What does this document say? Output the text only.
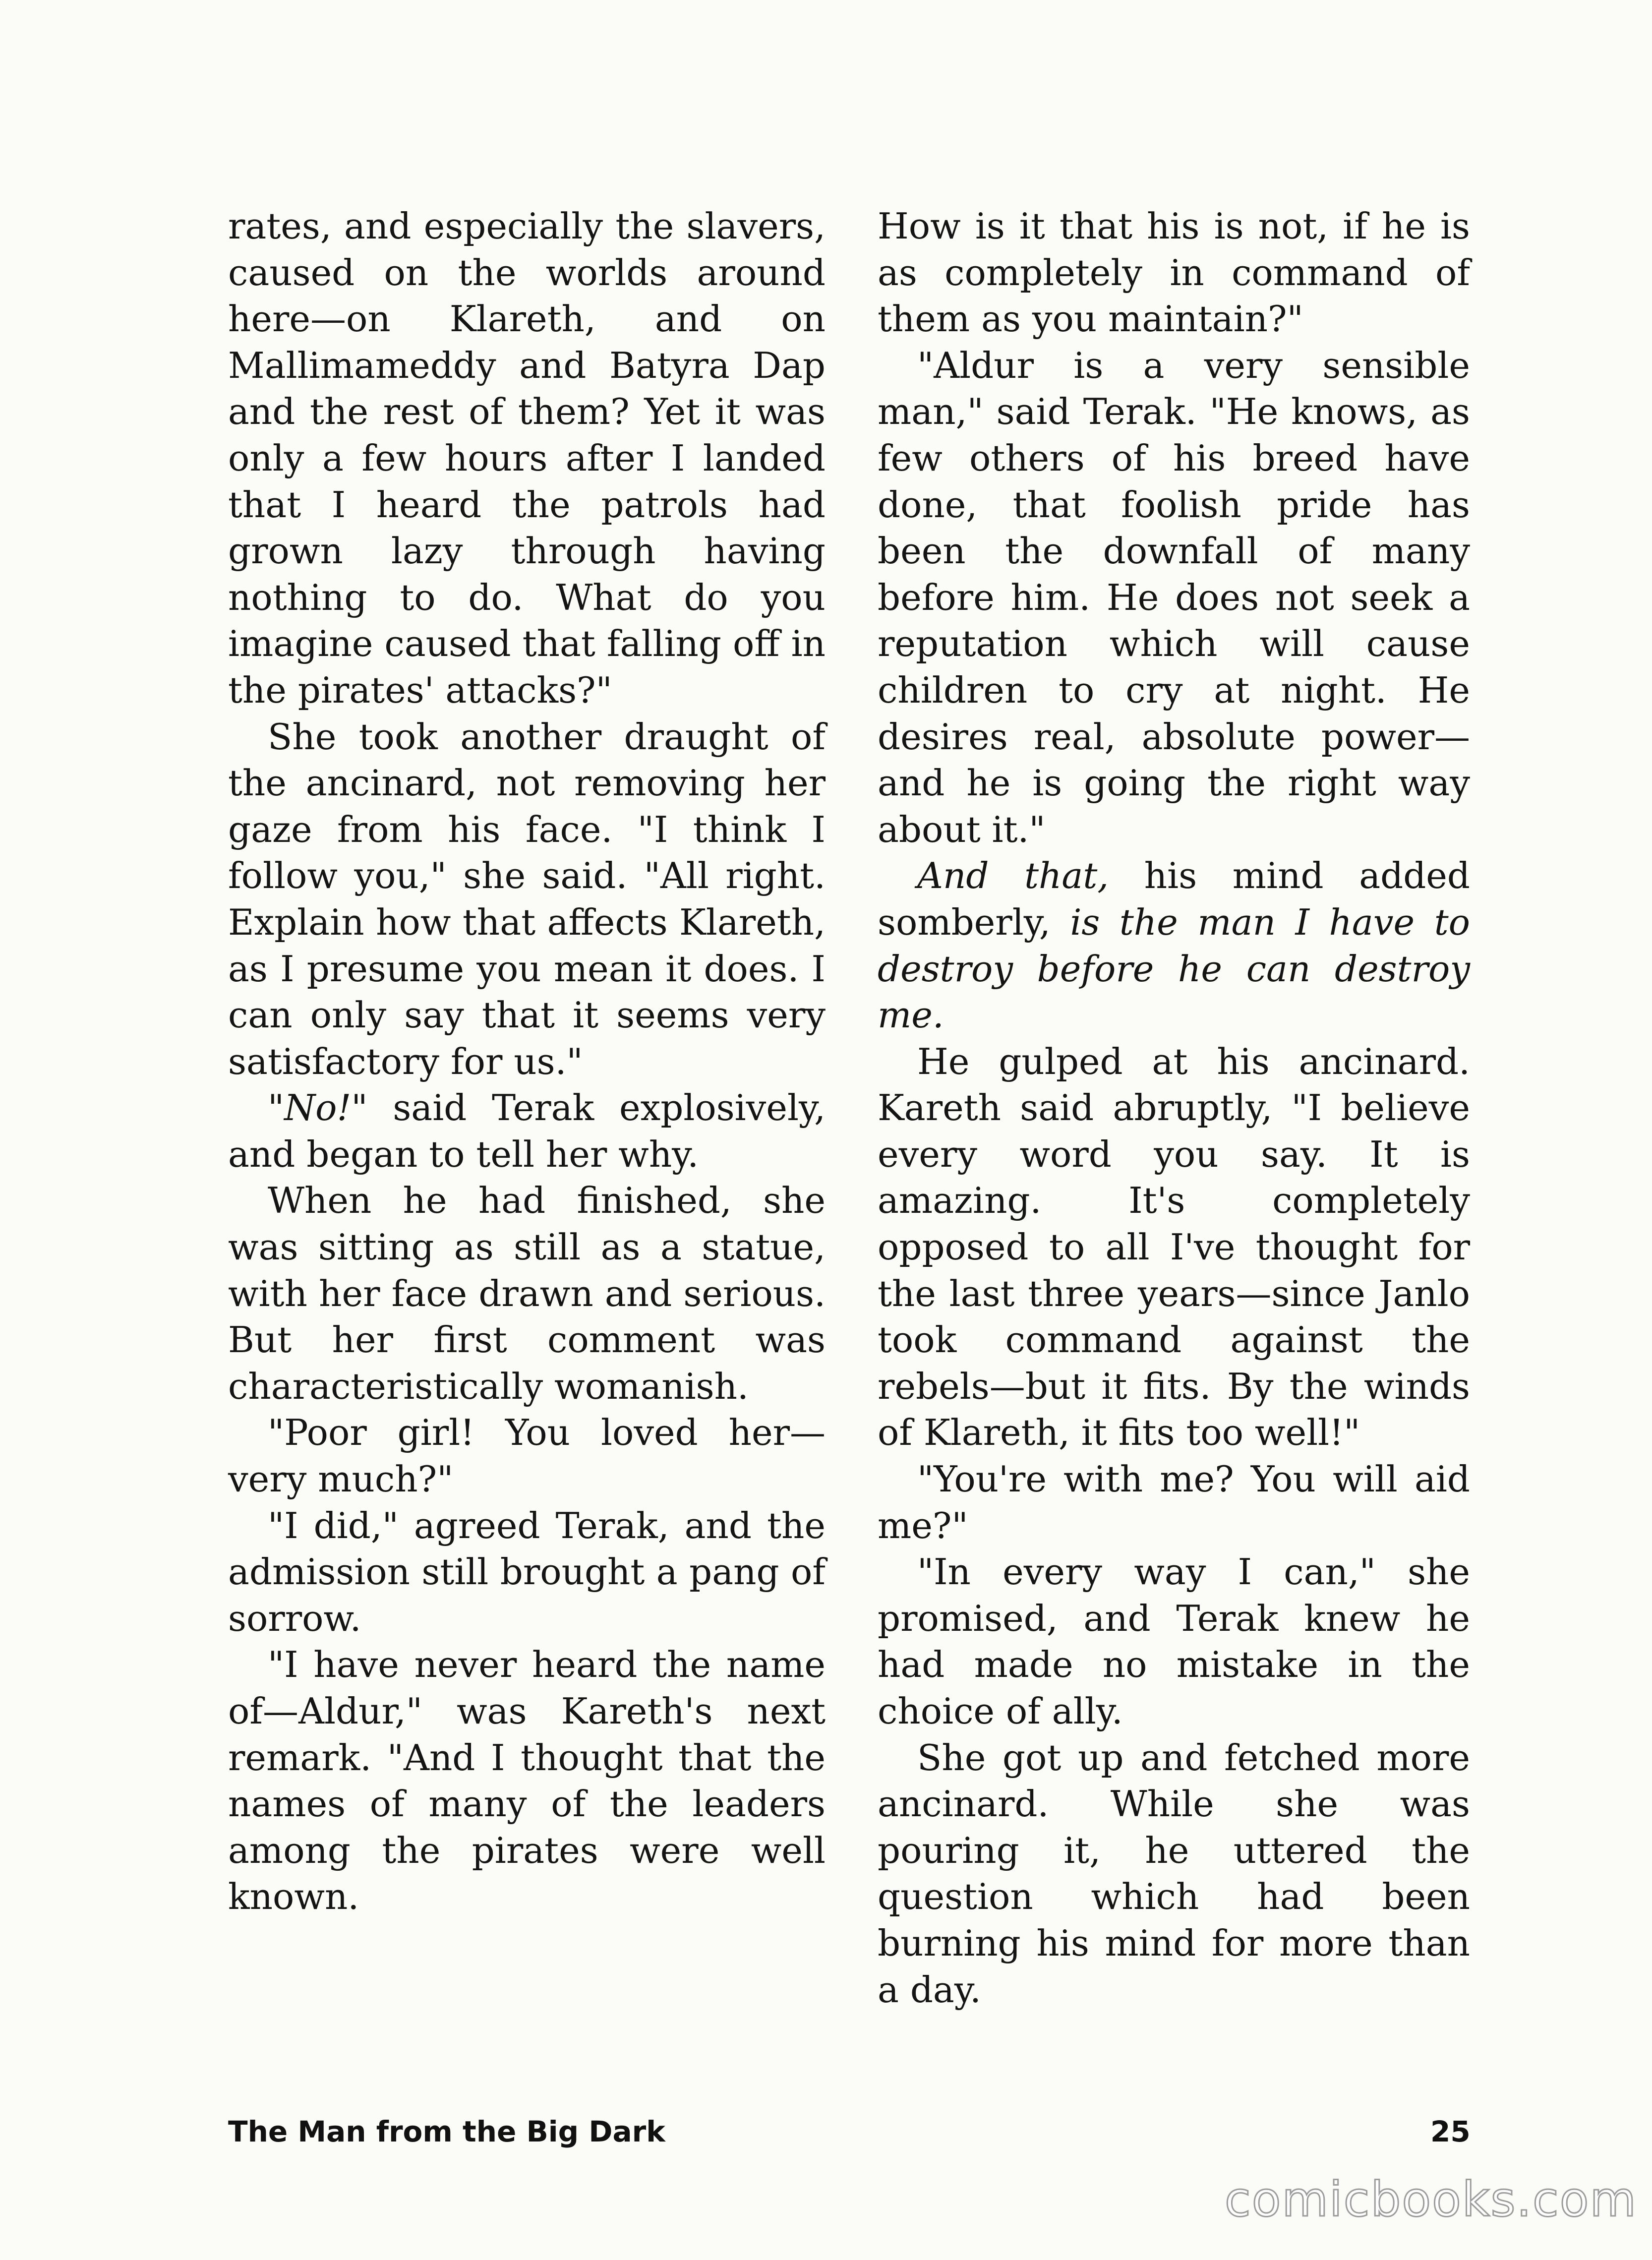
rates, and especially the slavers, caused on the worlds around here—on Klareth, and on Mallimameddy and Batyra Dap and the rest of them? Yet it was only a few hours after I landed that I heard the patrols had grown lazy through having nothing to do. What do you imagine caused that falling off in the pirates' attacks?"

She took another draught of the ancinard, not removing her gaze from his face. "I think I follow you," she said. "All right. Explain how that affects Klareth, as I presume you mean it does. I can only say that it seems very satisfactory for us."

"No!" said Terak explosively, and began to tell her why.

When he had finished, she was sitting as still as a statue, with her face drawn and serious. But her first comment was characteristically womanish.

"Poor girl! You loved her—very much?"

"I did," agreed Terak, and the admission still brought a pang of sorrow.

"I have never heard the name of—Aldur," was Kareth's next remark. "And I thought that the names of many of the leaders among the pirates were well known.

How is it that his is not, if he is as completely in command of them as you maintain?"

"Aldur is a very sensible man," said Terak. "He knows, as few others of his breed have done, that foolish pride has been the downfall of many before him. He does not seek a reputation which will cause children to cry at night. He desires real, absolute power—and he is going the right way about it."

And that, his mind added somberly, is the man I have to destroy before he can destroy me.

He gulped at his ancinard. Kareth said abruptly, "I believe every word you say. It is amazing. It's completely opposed to all I've thought for the last three years—since Janlo took command against the rebels—but it fits. By the winds of Klareth, it fits too well!"

"You're with me? You will aid me?"

"In every way I can," she promised, and Terak knew he had made no mistake in the choice of ally.

She got up and fetched more ancinard. While she was pouring it, he uttered the question which had been burning his mind for more than a day.

The Man from the Big Dark	25
comicbooks.com
